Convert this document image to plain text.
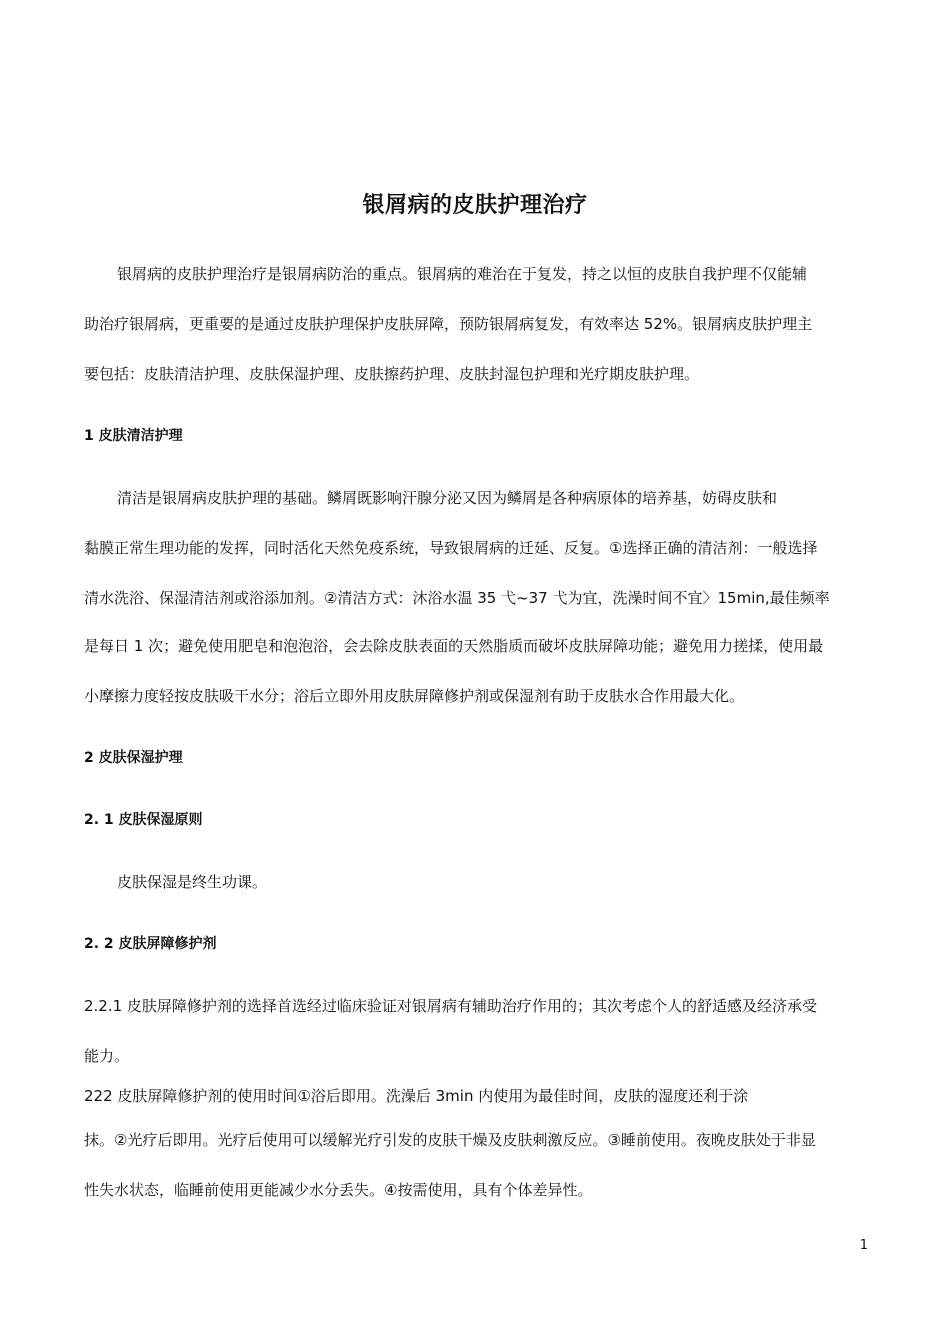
银屑病的皮肤护理治疗
银屑病的皮肤护理治疗是银屑病防治的重点。银屑病的难治在于复发，持之以恒的皮肤自我护理不仅能辅
助治疗银屑病，更重要的是通过皮肤护理保护皮肤屏障，预防银屑病复发，有效率达 52%。银屑病皮肤护理主
要包括：皮肤清洁护理、皮肤保湿护理、皮肤擦药护理、皮肤封湿包护理和光疗期皮肤护理。
1 皮肤清洁护理
清洁是银屑病皮肤护理的基础。鳞屑既影响汗腺分泌又因为鳞屑是各种病原体的培养基，妨碍皮肤和
黏膜正常生理功能的发挥，同时活化天然免疫系统，导致银屑病的迁延、反复。①选择正确的清洁剂：一般选择
清水洗浴、保湿清洁剂或浴添加剂。②清洁方式：沐浴水温 35 弋~37 弋为宜，洗澡时间不宜〉15min,最佳频率
是每日 1 次；避免使用肥皂和泡泡浴，会去除皮肤表面的天然脂质而破坏皮肤屏障功能；避免用力搓揉，使用最
小摩擦力度轻按皮肤吸干水分；浴后立即外用皮肤屏障修护剂或保湿剂有助于皮肤水合作用最大化。
2 皮肤保湿护理
2. 1 皮肤保湿原则
皮肤保湿是终生功课。
2. 2 皮肤屏障修护剂
2.2.1 皮肤屏障修护剂的选择首选经过临床验证对银屑病有辅助治疗作用的；其次考虑个人的舒适感及经济承受
能力。
222 皮肤屏障修护剂的使用时间①浴后即用。洗澡后 3min 内使用为最佳时间，皮肤的湿度还利于涂
抹。②光疗后即用。光疗后使用可以缓解光疗引发的皮肤干燥及皮肤刺激反应。③睡前使用。夜晚皮肤处于非显
性失水状态，临睡前使用更能减少水分丢失。④按需使用，具有个体差异性。
1
